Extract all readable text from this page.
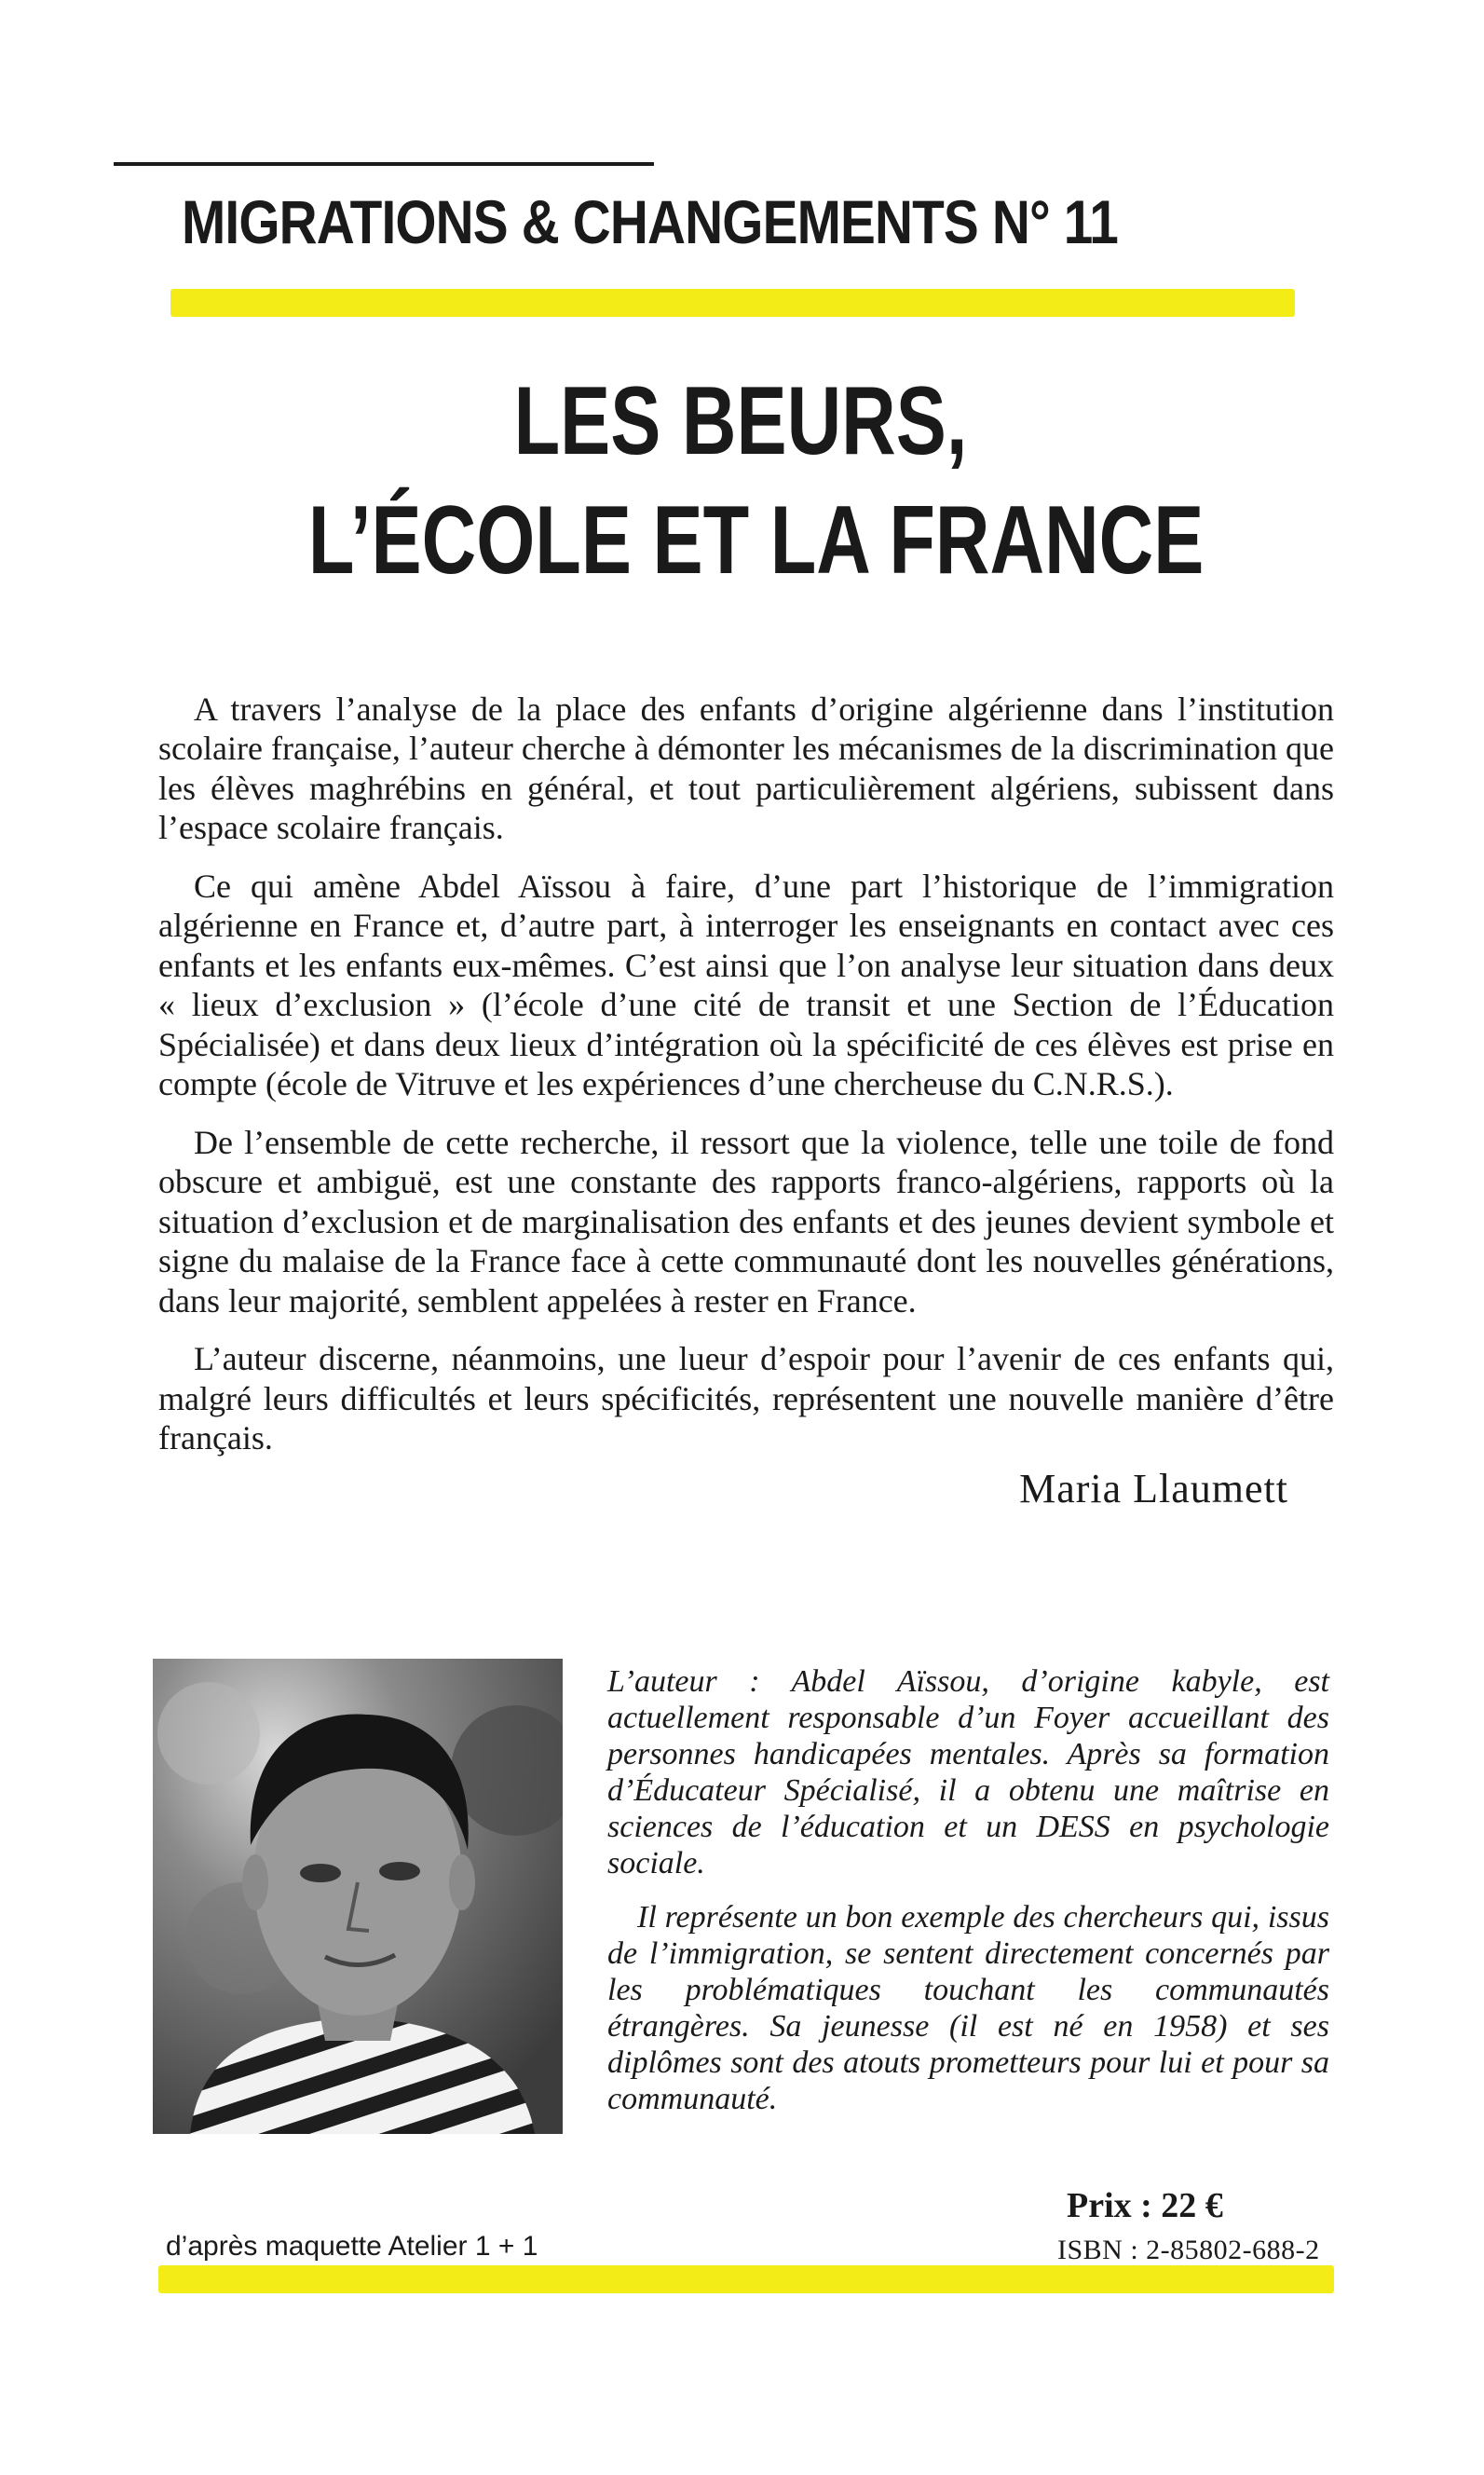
MIGRATIONS & CHANGEMENTS N° 11
LES BEURS,
L’ÉCOLE ET LA FRANCE

A travers l’analyse de la place des enfants d’origine algérienne dans l’institution scolaire française, l’auteur cherche à démonter les mécanismes de la discrimination que les élèves maghrébins en général, et tout particulièrement algériens, subissent dans l’espace scolaire français.

Ce qui amène Abdel Aïssou à faire, d’une part l’historique de l’immigration algérienne en France et, d’autre part, à interroger les enseignants en contact avec ces enfants et les enfants eux-mêmes. C’est ainsi que l’on analyse leur situation dans deux « lieux d’exclusion » (l’école d’une cité de transit et une Section de l’Éducation Spécialisée) et dans deux lieux d’intégration où la spécificité de ces élèves est prise en compte (école de Vitruve et les expériences d’une chercheuse du C.N.R.S.).

De l’ensemble de cette recherche, il ressort que la violence, telle une toile de fond obscure et ambiguë, est une constante des rapports franco-algériens, rapports où la situation d’exclusion et de marginalisation des enfants et des jeunes devient symbole et signe du malaise de la France face à cette communauté dont les nouvelles générations, dans leur majorité, semblent appelées à rester en France.

L’auteur discerne, néanmoins, une lueur d’espoir pour l’avenir de ces enfants qui, malgré leurs difficultés et leurs spécificités, représentent une nouvelle manière d’être français.

Maria Llaumett

L’auteur : Abdel Aïssou, d’origine kabyle, est actuellement responsable d’un Foyer accueillant des personnes handicapées mentales. Après sa formation d’Éducateur Spécialisé, il a obtenu une maîtrise en sciences de l’éducation et un DESS en psychologie sociale.

Il représente un bon exemple des chercheurs qui, issus de l’immigration, se sentent directement concernés par les problématiques touchant les communautés étrangères. Sa jeunesse (il est né en 1958) et ses diplômes sont des atouts prometteurs pour lui et pour sa communauté.

Prix : 22 €
d’après maquette Atelier 1 + 1	ISBN : 2-85802-688-2
